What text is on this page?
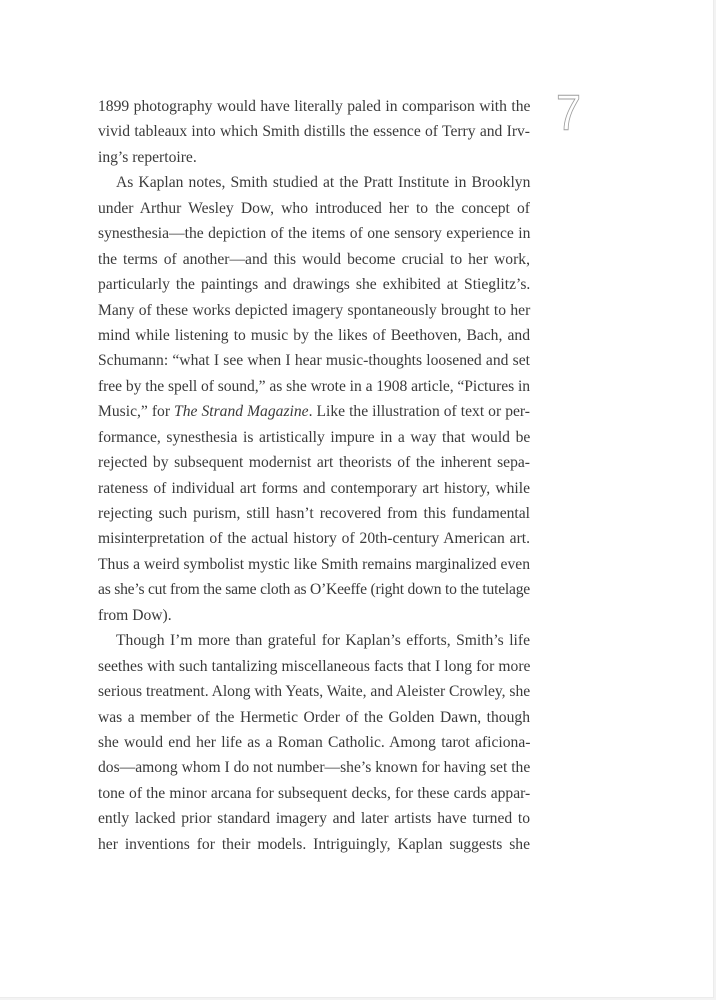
7
1899 photography would have literally paled in comparison with the
vivid tableaux into which Smith distills the essence of Terry and Irv-
ing’s repertoire.
As Kaplan notes, Smith studied at the Pratt Institute in Brooklyn
under Arthur Wesley Dow, who introduced her to the concept of
synesthesia—the depiction of the items of one sensory experience in
the terms of another—and this would become crucial to her work,
particularly the paintings and drawings she exhibited at Stieglitz’s.
Many of these works depicted imagery spontaneously brought to her
mind while listening to music by the likes of Beethoven, Bach, and
Schumann: “what I see when I hear music-thoughts loosened and set
free by the spell of sound,” as she wrote in a 1908 article, “Pictures in
Music,” for The Strand Magazine. Like the illustration of text or per-
formance, synesthesia is artistically impure in a way that would be
rejected by subsequent modernist art theorists of the inherent sepa-
rateness of individual art forms and contemporary art history, while
rejecting such purism, still hasn’t recovered from this fundamental
misinterpretation of the actual history of 20th-century American art.
Thus a weird symbolist mystic like Smith remains marginalized even
as she’s cut from the same cloth as O’Keeffe (right down to the tutelage
from Dow).
Though I’m more than grateful for Kaplan’s efforts, Smith’s life
seethes with such tantalizing miscellaneous facts that I long for more
serious treatment. Along with Yeats, Waite, and Aleister Crowley, she
was a member of the Hermetic Order of the Golden Dawn, though
she would end her life as a Roman Catholic. Among tarot aficiona-
dos—among whom I do not number—she’s known for having set the
tone of the minor arcana for subsequent decks, for these cards appar-
ently lacked prior standard imagery and later artists have turned to
her inventions for their models. Intriguingly, Kaplan suggests she
